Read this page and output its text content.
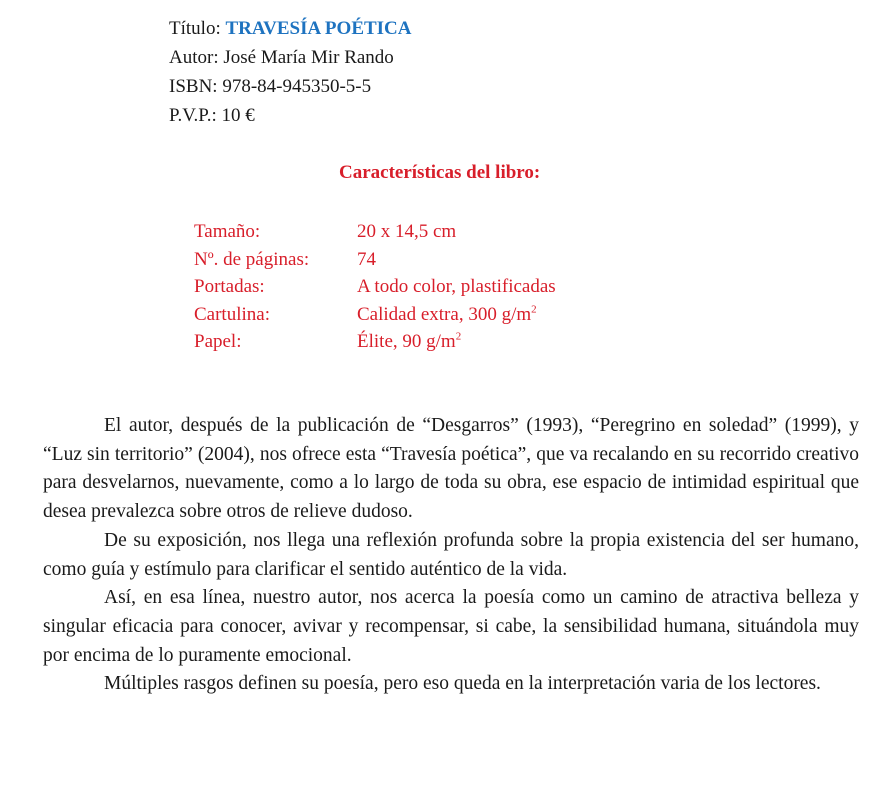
Título: TRAVESÍA POÉTICA
Autor: José María Mir Rando
ISBN: 978-84-945350-5-5
P.V.P.: 10 €
Características del libro:
Tamaño:	20 x 14,5 cm
Nº. de páginas:	74
Portadas:	A todo color, plastificadas
Cartulina:	Calidad extra, 300 $g/m^2$
Papel:	Élite, 90 $g/m^2$

El autor, después de la publicación de “Desgarros” (1993), “Peregrino en soledad” (1999), y “Luz sin territorio” (2004), nos ofrece esta “Travesía poética”, que va recalando en su recorrido creativo para desvelarnos, nuevamente, como a lo largo de toda su obra, ese espacio de intimidad espiritual que desea prevalezca sobre otros de relieve dudoso.

De su exposición, nos llega una reflexión profunda sobre la propia existencia del ser humano, como guía y estímulo para clarificar el sentido auténtico de la vida.

Así, en esa línea, nuestro autor, nos acerca la poesía como un camino de atractiva belleza y singular eficacia para conocer, avivar y recompensar, si cabe, la sensibilidad humana, situándola muy por encima de lo puramente emocional.

Múltiples rasgos definen su poesía, pero eso queda en la interpretación varia de los lectores.
